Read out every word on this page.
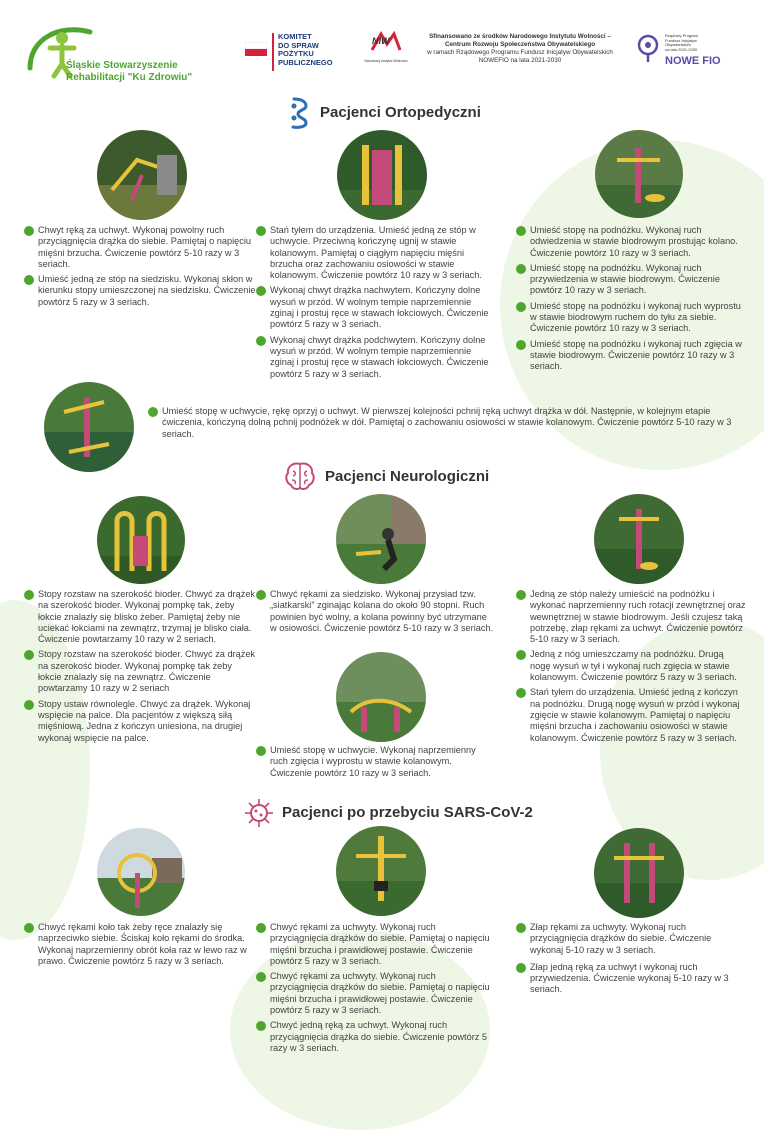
Śląskie Stowarzyszenie
Rehabilitacji "Ku Zdrowiu"
KOMITET
DO SPRAW
POŻYTKU
PUBLICZNEGO
NIW
Narodowy Instytut Wolności
Sfinansowano ze środków Narodowego Instytutu Wolności –
Centrum Rozwoju Społeczeństwa Obywatelskiego
w ramach Rządowego Programu Fundusz Inicjatyw Obywatelskich
NOWEFIO na lata 2021-2030
Rządowy Program
Fundusz Inicjatyw
Obywatelskich
na lata 2021-2030
NOWE FIO
Pacjenci Ortopedyczni
Chwyt ręką za uchwyt. Wykonaj powolny ruch przyciągnięcia drążka do siebie. Pamiętaj o napięciu mięśni brzucha. Ćwiczenie powtórz 5-10 razy w 3 seriach.
Umieść jedną ze stóp na siedzisku. Wykonaj skłon w kierunku stopy umieszczonej na siedzisku. Ćwiczenie powtórz 5 razy w 3 seriach.
Stań tyłem do urządzenia. Umieść jedną ze stóp w uchwycie. Przeciwną kończynę ugnij w stawie kolanowym. Pamiętaj o ciągłym napięciu mięśni brzucha oraz zachowaniu osiowości w stawie kolanowym. Ćwiczenie powtórz 10 razy w 3 seriach.
Wykonaj chwyt drążka nachwytem. Kończyny dolne wysuń w przód. W wolnym tempie naprzemiennie zginaj i prostuj ręce w stawach łokciowych. Ćwiczenie powtórz 5 razy w 3 seriach.
Wykonaj chwyt drążka podchwytem. Kończyny dolne wysuń w przód. W wolnym tempie naprzemiennie zginaj i prostuj ręce w stawach łokciowych. Ćwiczenie powtórz 5 razy w 3 seriach.
Umieść stopę na podnóżku. Wykonaj ruch odwiedzenia w stawie biodrowym prostując kolano. Ćwiczenie powtórz 10 razy w 3 seriach.
Umieść stopę na podnóżku. Wykonaj ruch przywiedzenia w stawie biodrowym. Ćwiczenie powtórz 10 razy w 3 seriach.
Umieść stopę na podnóżku i wykonaj ruch wyprostu w stawie biodrowym ruchem do tyłu za siebie. Ćwiczenie powtórz 10 razy w 3 seriach.
Umieść stopę na podnóżku i wykonaj ruch zgięcia w stawie biodrowym. Ćwiczenie powtórz 10 razy w 3 seriach.
Umieść stopę w uchwycie, rękę oprzyj o uchwyt. W pierwszej kolejności pchnij ręką uchwyt drążka w dół. Następnie, w kolejnym etapie ćwiczenia, kończyną dolną pchnij podnóżek w dół. Pamiętaj o zachowaniu osiowości w stawie kolanowym. Ćwiczenie powtórz 5-10 razy w 3 seriach.
Pacjenci Neurologiczni
Stopy rozstaw na szerokość bioder. Chwyć za drążek na szerokość bioder. Wykonaj pompkę tak, żeby łokcie znalazły się blisko żeber. Pamiętaj żeby nie uciekać łokciami na zewnątrz, trzymaj je blisko ciała. Ćwiczenie powtarzamy 10 razy w 2 seriach.
Stopy rozstaw na szerokość bioder. Chwyć za drążek na szerokość bioder. Wykonaj pompkę tak żeby łokcie znalazły się na zewnątrz. Ćwiczenie powtarzamy 10 razy w 2 seriach
Stopy ustaw równolegle. Chwyć za drążek. Wykonaj wspięcie na palce. Dla pacjentów z większą siłą mięśniową. Jedna z kończyn uniesiona, na drugiej wykonaj wspięcie na palce.
Chwyć rękami za siedzisko. Wykonaj przysiad tzw. „siatkarski" zginając kolana do około 90 stopni. Ruch powinien być wolny, a kolana powinny być utrzymane w osiowości. Ćwiczenie powtórz 5-10 razy w 3 seriach.
Umieść stopę w uchwycie. Wykonaj naprzemienny ruch zgięcia i wyprostu w stawie kolanowym. Ćwiczenie powtórz 10 razy w 3 seriach.
Jedną ze stóp należy umieścić na podnóżku i wykonać naprzemienny ruch rotacji zewnętrznej oraz wewnętrznej w stawie biodrowym. Jeśli czujesz taką potrzebę, złap rękami za uchwyt. Ćwiczenie powtórz 5-10 razy w 3 seriach.
Jedną z nóg umieszczamy na podnóżku. Drugą nogę wysuń w tył i wykonaj ruch zgięcia w stawie kolanowym. Ćwiczenie powtórz 5 razy w 3 seriach.
Stań tyłem do urządzenia. Umieść jedną z kończyn na podnóżku. Drugą nogę wysuń w przód i wykonaj zgięcie w stawie kolanowym. Pamiętaj o napięciu mięśni brzucha i zachowaniu osiowości w stawie kolanowym. Ćwiczenie powtórz 5 razy w 3 seriach.
Pacjenci po przebyciu SARS-CoV-2
Chwyć rękami koło tak żeby ręce znalazły się naprzeciwko siebie. Ściskaj koło rękami do środka. Wykonaj naprzemienny obrót koła raz w lewo raz w prawo. Ćwiczenie powtórz 5 razy w 3 seriach.
Chwyć rękami za uchwyty. Wykonaj ruch przyciągnięcia drążków do siebie. Pamiętaj o napięciu mięśni brzucha i prawidłowej postawie. Ćwiczenie powtórz 5 razy w 3 seriach.
Chwyć rękami za uchwyty. Wykonaj ruch przyciągnięcia drążków do siebie. Pamiętaj o napięciu mięśni brzucha i prawidłowej postawie. Ćwiczenie powtórz 5 razy w 3 seriach.
Chwyć jedną ręką za uchwyt. Wykonaj ruch przyciągnięcia drążka do siebie. Ćwiczenie powtórz 5 razy w 3 seriach.
Złap rękami za uchwyty. Wykonaj ruch przyciągnięcia drążków do siebie. Ćwiczenie wykonaj 5-10 razy w 3 seriach.
Złap jedną ręką za uchwyt i wykonaj ruch przywiedzenia. Ćwiczenie wykonaj 5-10 razy w 3 seriach.
